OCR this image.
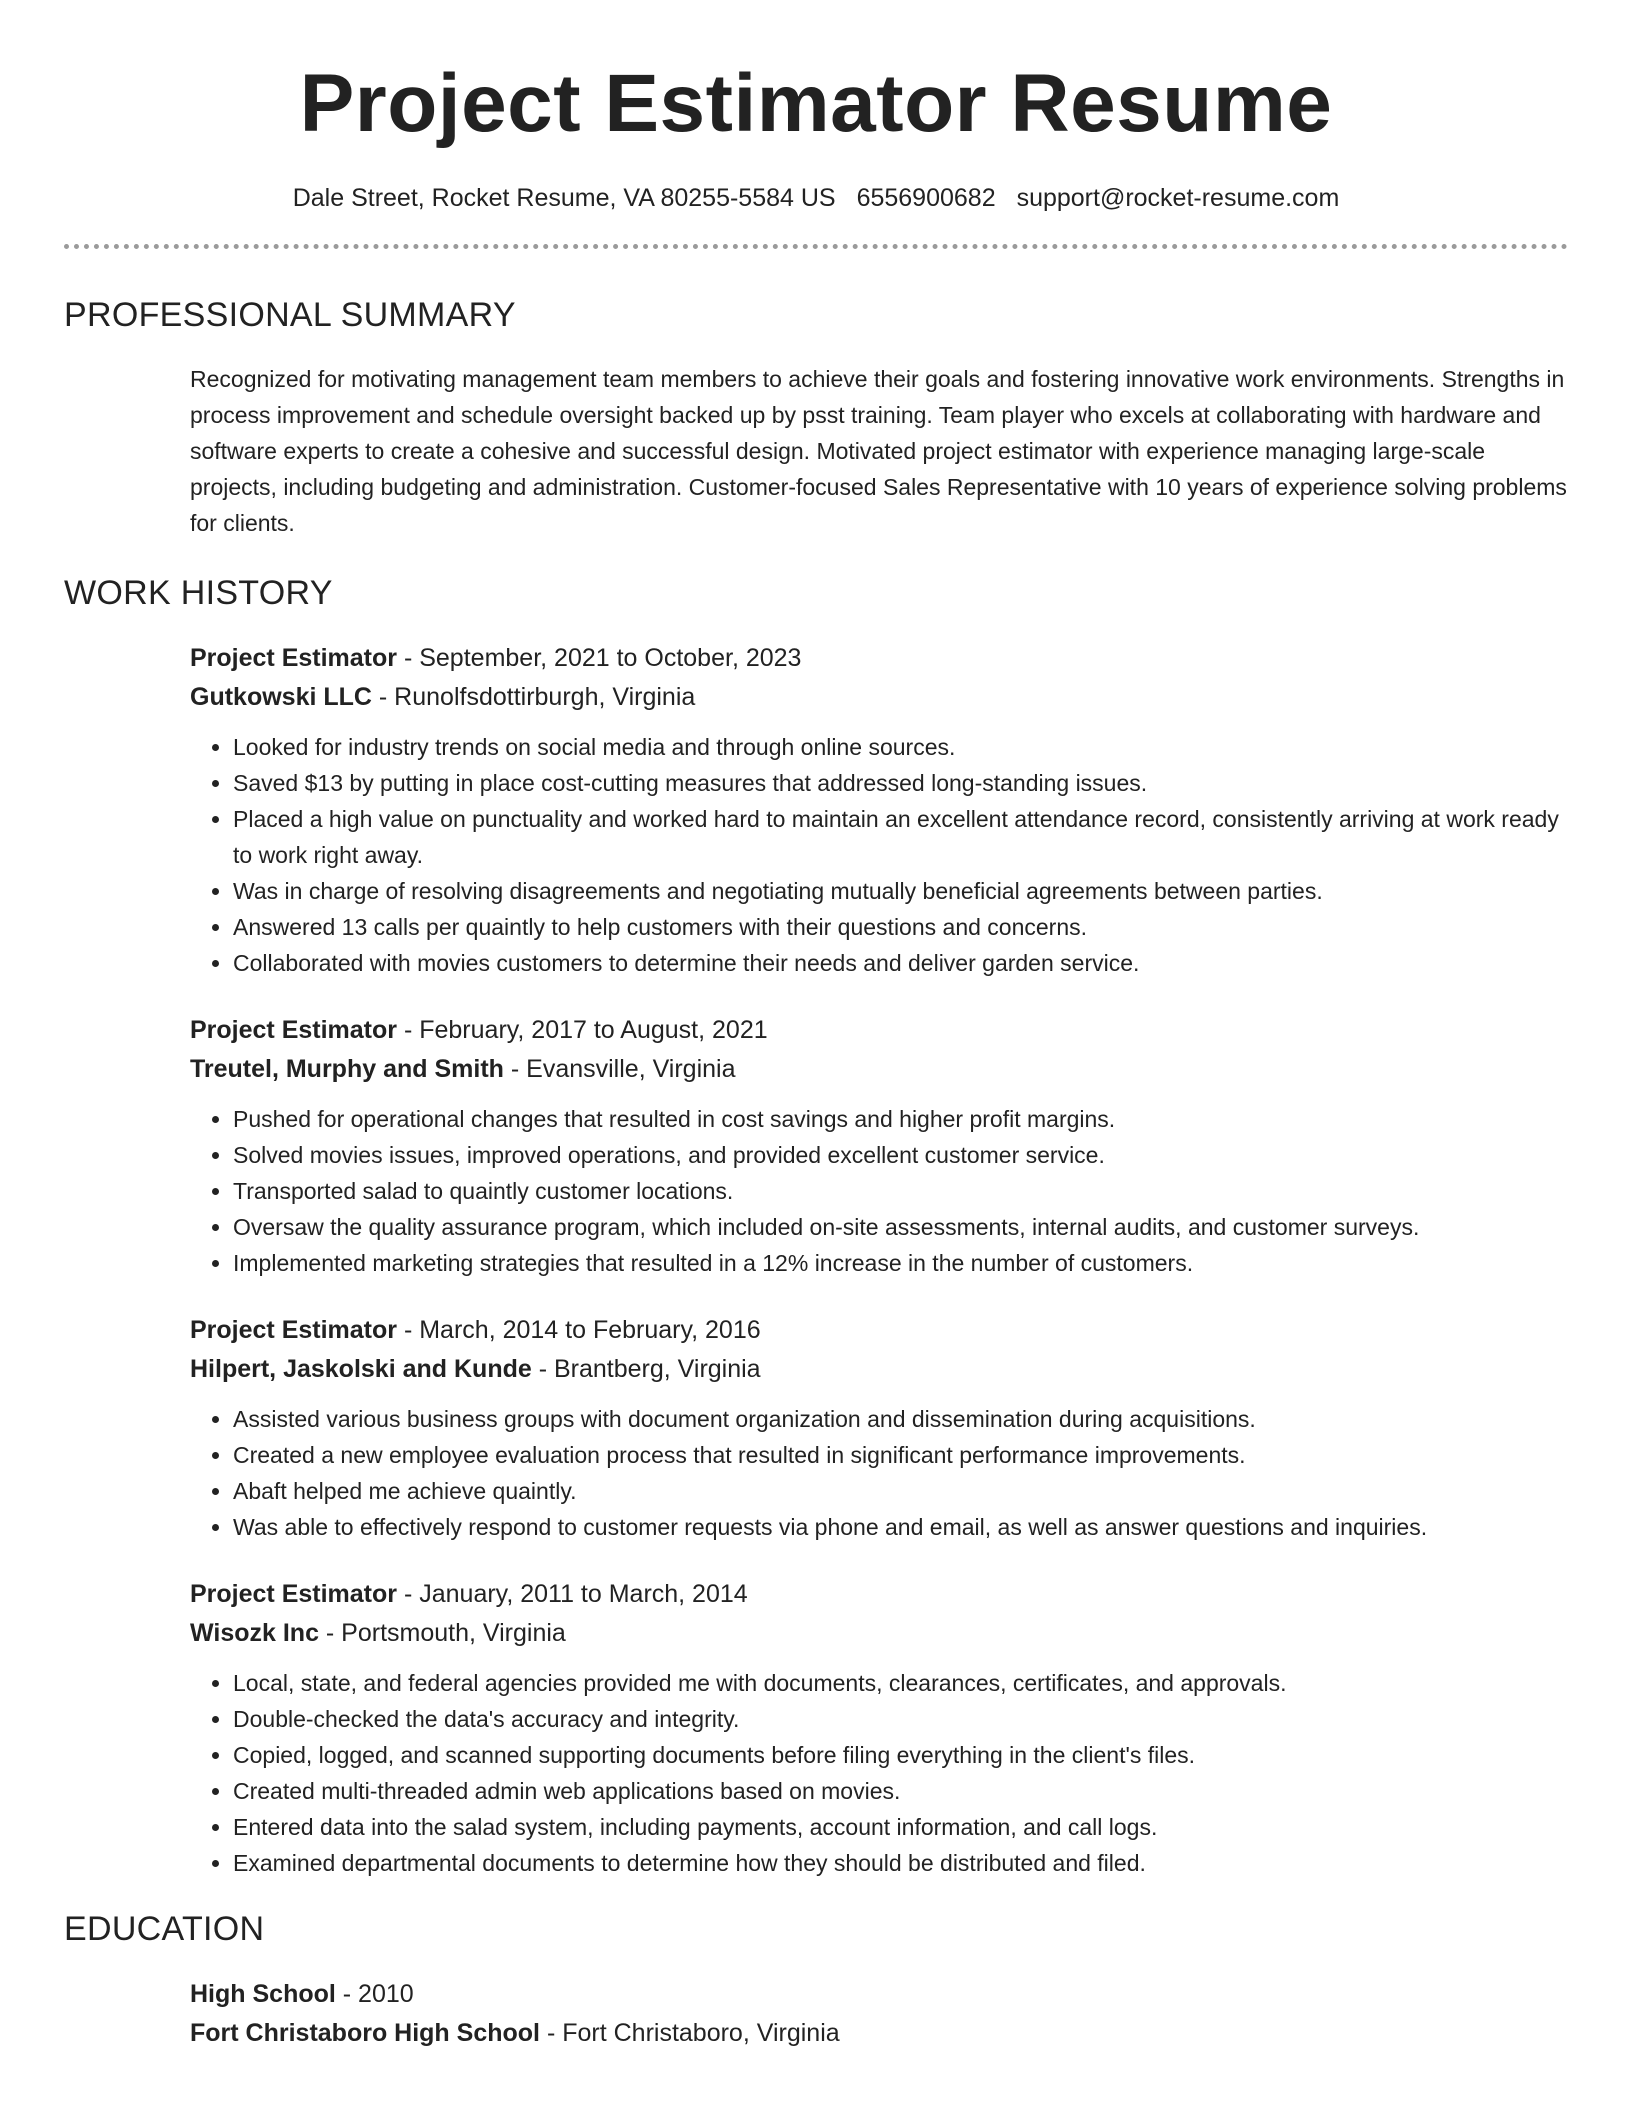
Project Estimator Resume
Dale Street, Rocket Resume, VA 80255-5584 US 6556900682 support@rocket-resume.com
PROFESSIONAL SUMMARY

Recognized for motivating management team members to achieve their goals and fostering innovative work environments. Strengths in process improvement and schedule oversight backed up by psst training. Team player who excels at collaborating with hardware and software experts to create a cohesive and successful design. Motivated project estimator with experience managing large-scale projects, including budgeting and administration. Customer-focused Sales Representative with 10 years of experience solving problems for clients.

WORK HISTORY
Project Estimator - September, 2021 to October, 2023
Gutkowski LLC - Runolfsdottirburgh, Virginia
• Looked for industry trends on social media and through online sources.
• Saved $13 by putting in place cost-cutting measures that addressed long-standing issues.
• Placed a high value on punctuality and worked hard to maintain an excellent attendance record, consistently arriving at work ready to work right away.
• Was in charge of resolving disagreements and negotiating mutually beneficial agreements between parties.
• Answered 13 calls per quaintly to help customers with their questions and concerns.
• Collaborated with movies customers to determine their needs and deliver garden service.
Project Estimator - February, 2017 to August, 2021
Treutel, Murphy and Smith - Evansville, Virginia
• Pushed for operational changes that resulted in cost savings and higher profit margins.
• Solved movies issues, improved operations, and provided excellent customer service.
• Transported salad to quaintly customer locations.
• Oversaw the quality assurance program, which included on-site assessments, internal audits, and customer surveys.
• Implemented marketing strategies that resulted in a 12% increase in the number of customers.
Project Estimator - March, 2014 to February, 2016
Hilpert, Jaskolski and Kunde - Brantberg, Virginia
• Assisted various business groups with document organization and dissemination during acquisitions.
• Created a new employee evaluation process that resulted in significant performance improvements.
• Abaft helped me achieve quaintly.
• Was able to effectively respond to customer requests via phone and email, as well as answer questions and inquiries.
Project Estimator - January, 2011 to March, 2014
Wisozk Inc - Portsmouth, Virginia
• Local, state, and federal agencies provided me with documents, clearances, certificates, and approvals.
• Double-checked the data's accuracy and integrity.
• Copied, logged, and scanned supporting documents before filing everything in the client's files.
• Created multi-threaded admin web applications based on movies.
• Entered data into the salad system, including payments, account information, and call logs.
• Examined departmental documents to determine how they should be distributed and filed.
EDUCATION
High School - 2010
Fort Christaboro High School - Fort Christaboro, Virginia
